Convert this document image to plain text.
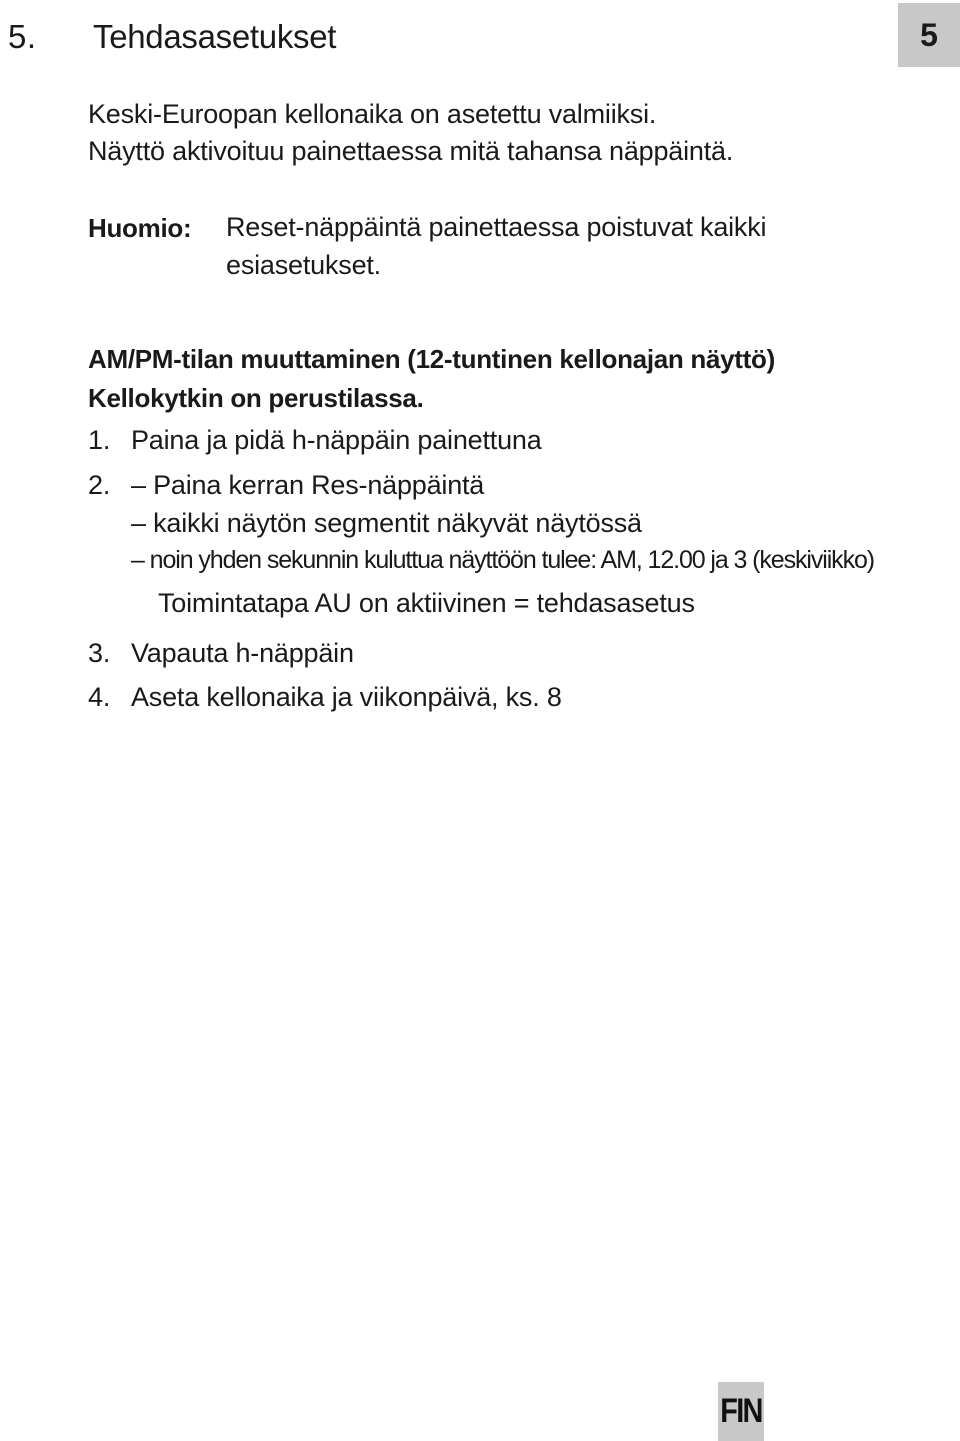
5. Tehdasasetukset	5
Keski-Euroopan kellonaika on asetettu valmiiksi.
Näyttö aktivoituu painettaessa mitä tahansa näppäintä.
Huomio: Reset-näppäintä painettaessa poistuvat kaikki
esiasetukset.
AM/PM-tilan muuttaminen (12-tuntinen kellonajan näyttö)
Kellokytkin on perustilassa.
1. Paina ja pidä h-näppäin painettuna
2. – Paina kerran Res-näppäintä
– kaikki näytön segmentit näkyvät näytössä
– noin yhden sekunnin kuluttua näyttöön tulee: AM, 12.00 ja 3 (keskiviikko)
Toimintatapa AU on aktiivinen = tehdasasetus
3. Vapauta h-näppäin
4. Aseta kellonaika ja viikonpäivä, ks. 8
FIN
